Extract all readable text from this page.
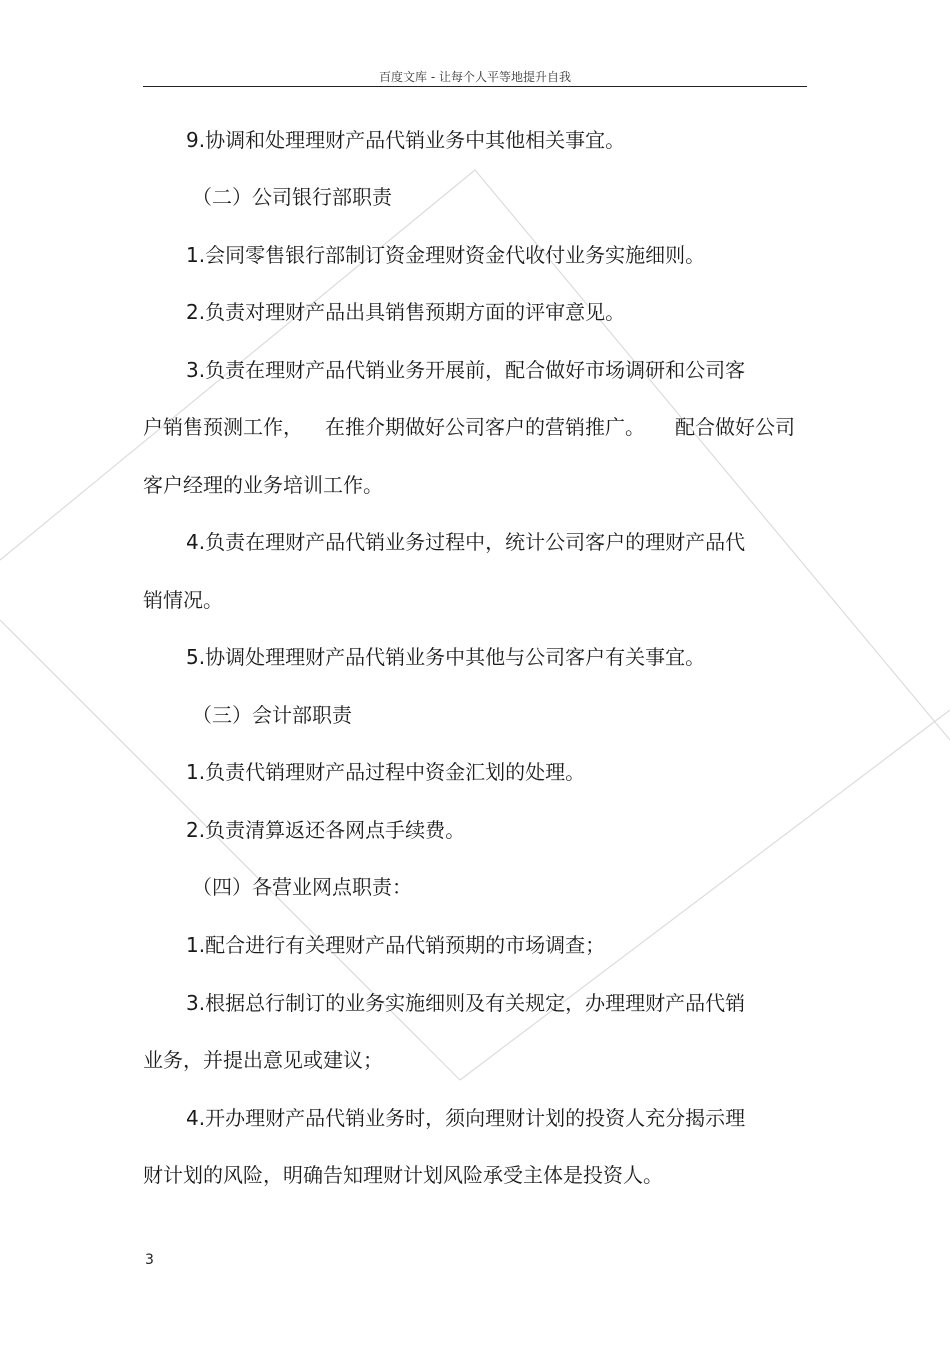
百度文库 - 让每个人平等地提升自我
9.协调和处理理财产品代销业务中其他相关事宜。
（二）公司银行部职责
1.会同零售银行部制订资金理财资金代收付业务实施细则。
2.负责对理财产品出具销售预期方面的评审意见。
3.负责在理财产品代销业务开展前，配合做好市场调研和公司客
户销售预测工作， 在推介期做好公司客户的营销推广。 配合做好公司
客户经理的业务培训工作。
4.负责在理财产品代销业务过程中，统计公司客户的理财产品代
销情况。
5.协调处理理财产品代销业务中其他与公司客户有关事宜。
（三）会计部职责
1.负责代销理财产品过程中资金汇划的处理。
2.负责清算返还各网点手续费。
（四）各营业网点职责：
1.配合进行有关理财产品代销预期的市场调查；
3.根据总行制订的业务实施细则及有关规定，办理理财产品代销
业务，并提出意见或建议；
4.开办理财产品代销业务时，须向理财计划的投资人充分揭示理
财计划的风险，明确告知理财计划风险承受主体是投资人。
3
